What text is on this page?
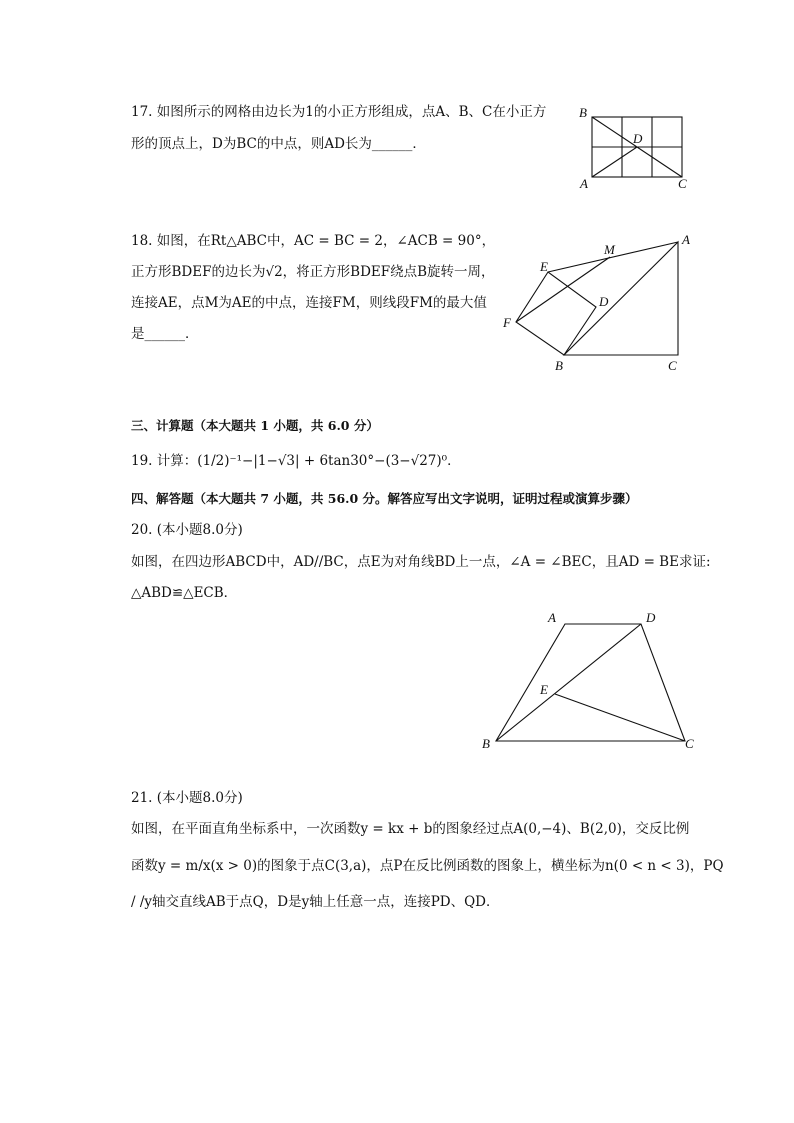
17. 如图所示的网格由边长为1的小正方形组成，点A、B、C在小正方
形的顶点上，D为BC的中点，则AD长为______．
B
D
A	C
18. 如图，在Rt△ABC中，AC = BC = 2，∠ACB = 90°，
正方形BDEF的边长为√2，将正方形BDEF绕点B旋转一周，
连接AE，点M为AE的中点，连接FM，则线段FM的最大值
是______．
A
M
E
D
F
B	C
三、计算题（本大题共 1 小题，共 6.0 分）
19. 计算：(1/2)⁻¹−|1−√3| + 6tan30°−(3−√27)⁰．
四、解答题（本大题共 7 小题，共 56.0 分。解答应写出文字说明，证明过程或演算步骤）
20. (本小题8.0分)
如图，在四边形ABCD中，AD//BC，点E为对角线BD上一点，∠A = ∠BEC，且AD = BE求证:
△ABD≌△ECB．
A	D
E
B	C
21. (本小题8.0分)
如图，在平面直角坐标系中，一次函数y = kx + b的图象经过点A(0,−4)、B(2,0)，交反比例
函数y = m/x(x > 0)的图象于点C(3,a)，点P在反比例函数的图象上，横坐标为n(0 < n < 3)，PQ
/ /y轴交直线AB于点Q，D是y轴上任意一点，连接PD、QD．
